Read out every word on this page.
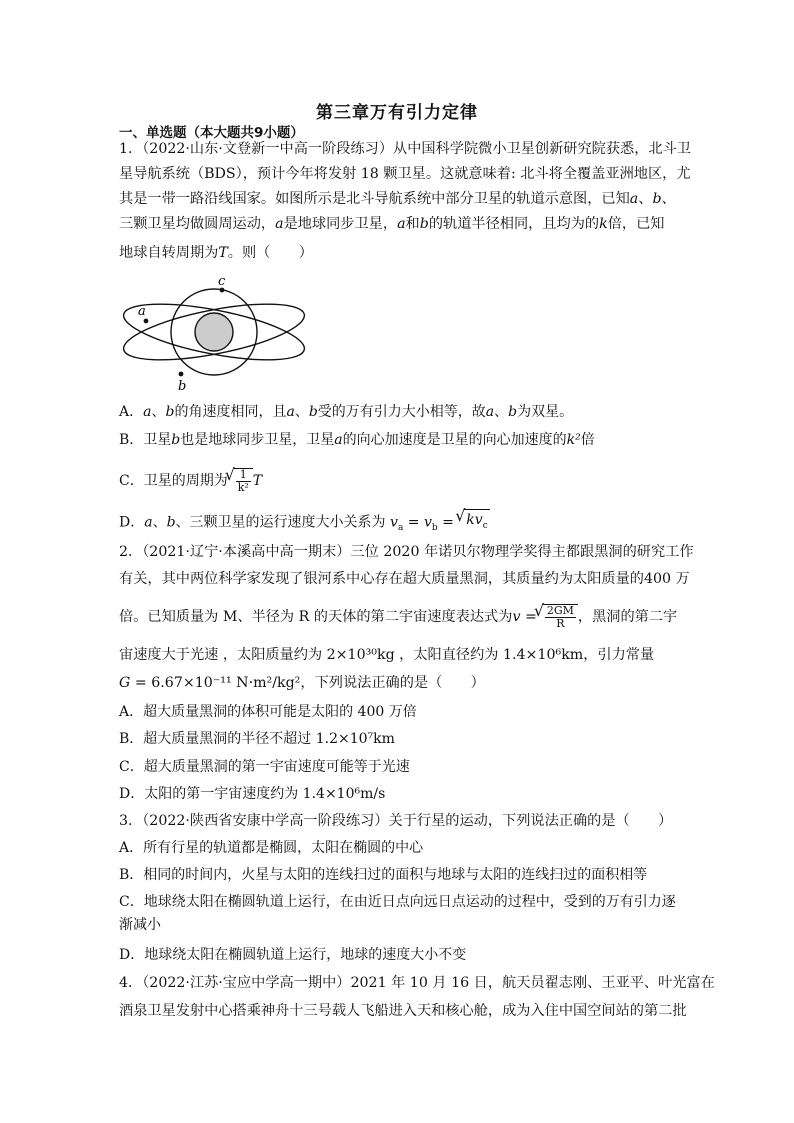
第三章万有引力定律
一、单选题（本大题共9小题）
1．（2022·山东·文登新一中高一阶段练习）从中国科学院微小卫星创新研究院获悉，北斗卫
星导航系统（BDS），预计今年将发射 18 颗卫星。这就意味着: 北斗将全覆盖亚洲地区，尤
其是一带一路沿线国家。如图所示是北斗导航系统中部分卫星的轨道示意图，已知a、b、
三颗卫星均做圆周运动，a是地球同步卫星，a和b的轨道半径相同，且均为的k倍，已知
地球自转周期为T。则（　　）
c
a
b
A．a、b的角速度相同，且a、b受的万有引力大小相等，故a、b为双星。
B．卫星b也是地球同步卫星，卫星a的向心加速度是卫星的向心加速度的k²倍
C．卫星的周期为 √ $\frac{1}{\text{k²}}$ T
D．a、b、三颗卫星的运行速度大小关系为 $v_a = v_b$ = √ $kv_c$
2．（2021·辽宁·本溪高中高一期末）三位 2020 年诺贝尔物理学奖得主都跟黑洞的研究工作
有关，其中两位科学家发现了银河系中心存在超大质量黑洞，其质量约为太阳质量的400 万
倍。已知质量为 M、半径为 R 的天体的第二宇宙速度表达式为v = √ $\frac{2GM}{R}$ ，黑洞的第二宇
宙速度大于光速 ，太阳质量约为 2×10³⁰kg ，太阳直径约为 1.4×10⁶km，引力常量
G = 6.67×10⁻¹¹ N·m²/kg²，下列说法正确的是（　　）
A．超大质量黑洞的体积可能是太阳的 400 万倍
B．超大质量黑洞的半径不超过 1.2×10⁷km
C．超大质量黑洞的第一宇宙速度可能等于光速
D．太阳的第一宇宙速度约为 1.4×10⁶m/s
3．（2022·陕西省安康中学高一阶段练习）关于行星的运动，下列说法正确的是（　　）
A．所有行星的轨道都是椭圆，太阳在椭圆的中心
B．相同的时间内，火星与太阳的连线扫过的面积与地球与太阳的连线扫过的面积相等
C．地球绕太阳在椭圆轨道上运行，在由近日点向远日点运动的过程中，受到的万有引力逐
渐减小
D．地球绕太阳在椭圆轨道上运行，地球的速度大小不变
4．（2022·江苏·宝应中学高一期中）2021 年 10 月 16 日，航天员翟志刚、王亚平、叶光富在
酒泉卫星发射中心搭乘神舟十三号载人飞船进入天和核心舱，成为入住中国空间站的第二批
